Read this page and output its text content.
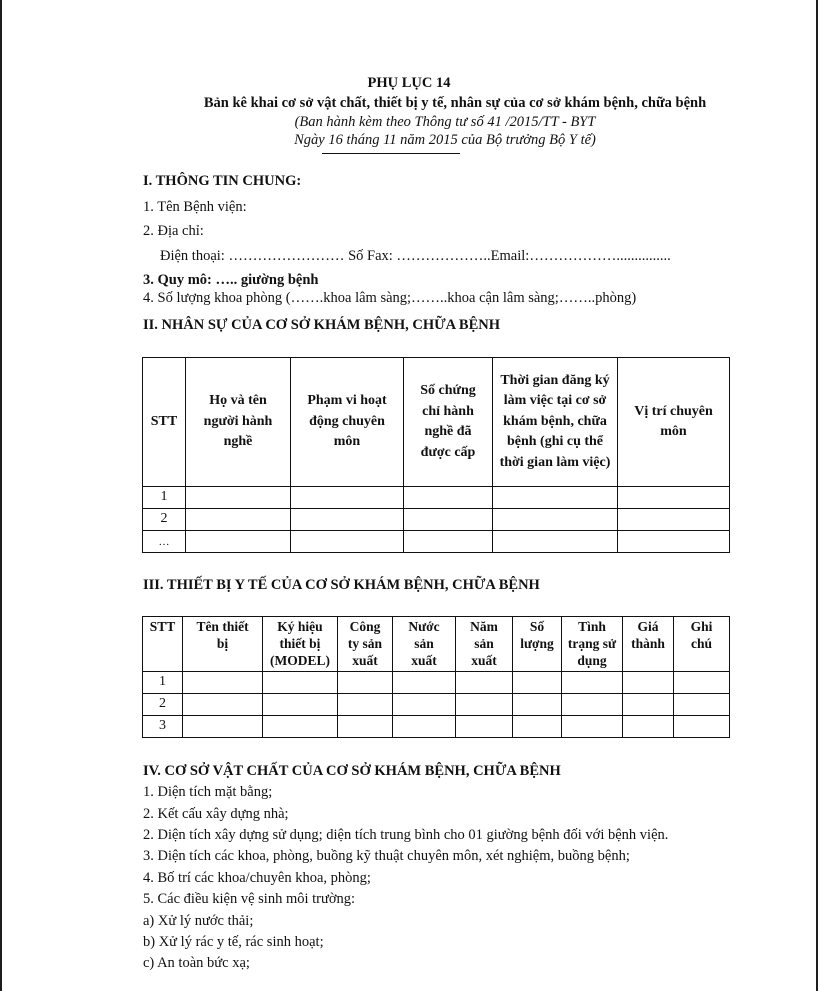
PHỤ LỤC 14
Bản kê khai cơ sở vật chất, thiết bị y tế, nhân sự của cơ sở khám bệnh, chữa bệnh
(Ban hành kèm theo Thông tư số 41 /2015/TT - BYT
Ngày 16 tháng 11 năm 2015 của Bộ trưởng Bộ Y tế)
I. THÔNG TIN CHUNG:
1. Tên Bệnh viện:
2. Địa chỉ:
Điện thoại: …………………… Số Fax: ………………..Email:………………...............
3. Quy mô: ….. giường bệnh
4. Số lượng khoa phòng (…….khoa lâm sàng;……..khoa cận lâm sàng;……..phòng)
II. NHÂN SỰ CỦA CƠ SỞ KHÁM BỆNH, CHỮA BỆNH
STT	Họ và tên người hành nghề	Phạm vi hoạt động chuyên môn	Số chứng chỉ hành nghề đã được cấp	Thời gian đăng ký làm việc tại cơ sở khám bệnh, chữa bệnh (ghi cụ thể thời gian làm việc)	Vị trí chuyên môn
1					
2					
…					
III. THIẾT BỊ Y TẾ CỦA CƠ SỞ KHÁM BỆNH, CHỮA BỆNH
STT	Tên thiết bị	Ký hiệu thiết bị (MODEL)	Công ty sản xuất	Nước sản xuất	Năm sản xuất	Số lượng	Tình trạng sử dụng	Giá thành	Ghi chú
1									
2									
3									
IV. CƠ SỞ VẬT CHẤT CỦA CƠ SỞ KHÁM BỆNH, CHỮA BỆNH
1. Diện tích mặt bằng;
2. Kết cấu xây dựng nhà;
2. Diện tích xây dựng sử dụng; diện tích trung bình cho 01 giường bệnh đối với bệnh viện.
3. Diện tích các khoa, phòng, buồng kỹ thuật chuyên môn, xét nghiệm, buồng bệnh;
4. Bố trí các khoa/chuyên khoa, phòng;
5. Các điều kiện vệ sinh môi trường:
a) Xử lý nước thải;
b) Xử lý rác y tế, rác sinh hoạt;
c) An toàn bức xạ;
